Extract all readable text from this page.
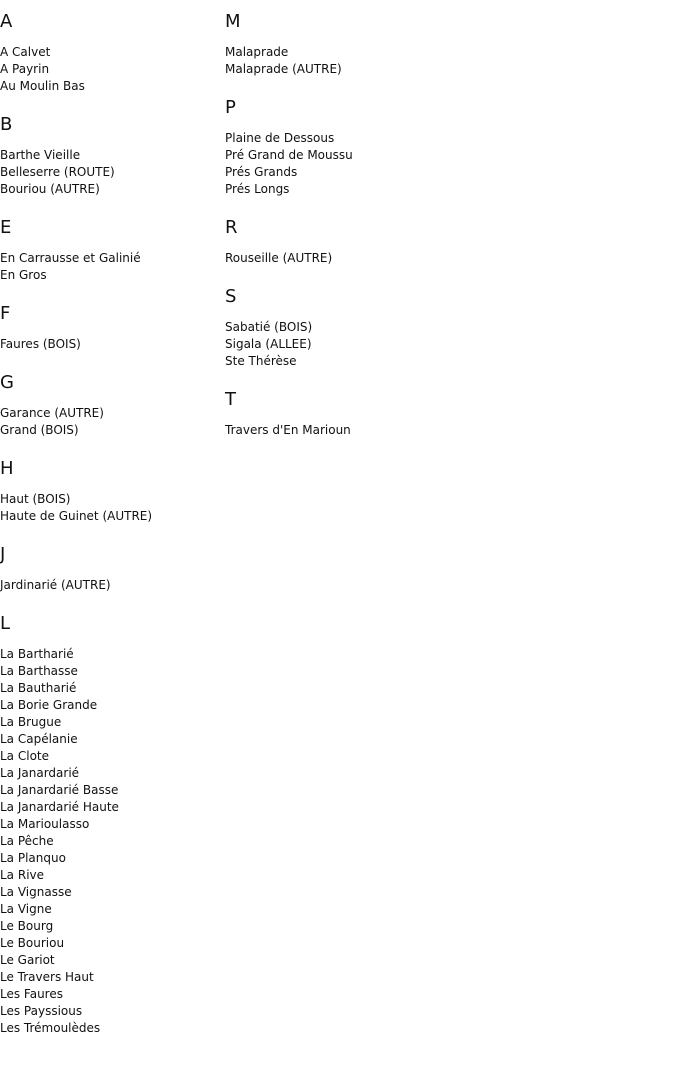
A
A Calvet
A Payrin
Au Moulin Bas
B
Barthe Vieille
Belleserre (ROUTE)
Bouriou (AUTRE)
E
En Carrausse et Galinié
En Gros
F
Faures (BOIS)
G
Garance (AUTRE)
Grand (BOIS)
H
Haut (BOIS)
Haute de Guinet (AUTRE)
J
Jardinarié (AUTRE)
L
La Bartharié
La Barthasse
La Bautharié
La Borie Grande
La Brugue
La Capélanie
La Clote
La Janardarié
La Janardarié Basse
La Janardarié Haute
La Marioulasso
La Pêche
La Planquo
La Rive
La Vignasse
La Vigne
Le Bourg
Le Bouriou
Le Gariot
Le Travers Haut
Les Faures
Les Payssious
Les Trémoulèdes
M
Malaprade
Malaprade (AUTRE)
P
Plaine de Dessous
Pré Grand de Moussu
Prés Grands
Prés Longs
R
Rouseille (AUTRE)
S
Sabatié (BOIS)
Sigala (ALLEE)
Ste Thérèse
T
Travers d'En Marioun
